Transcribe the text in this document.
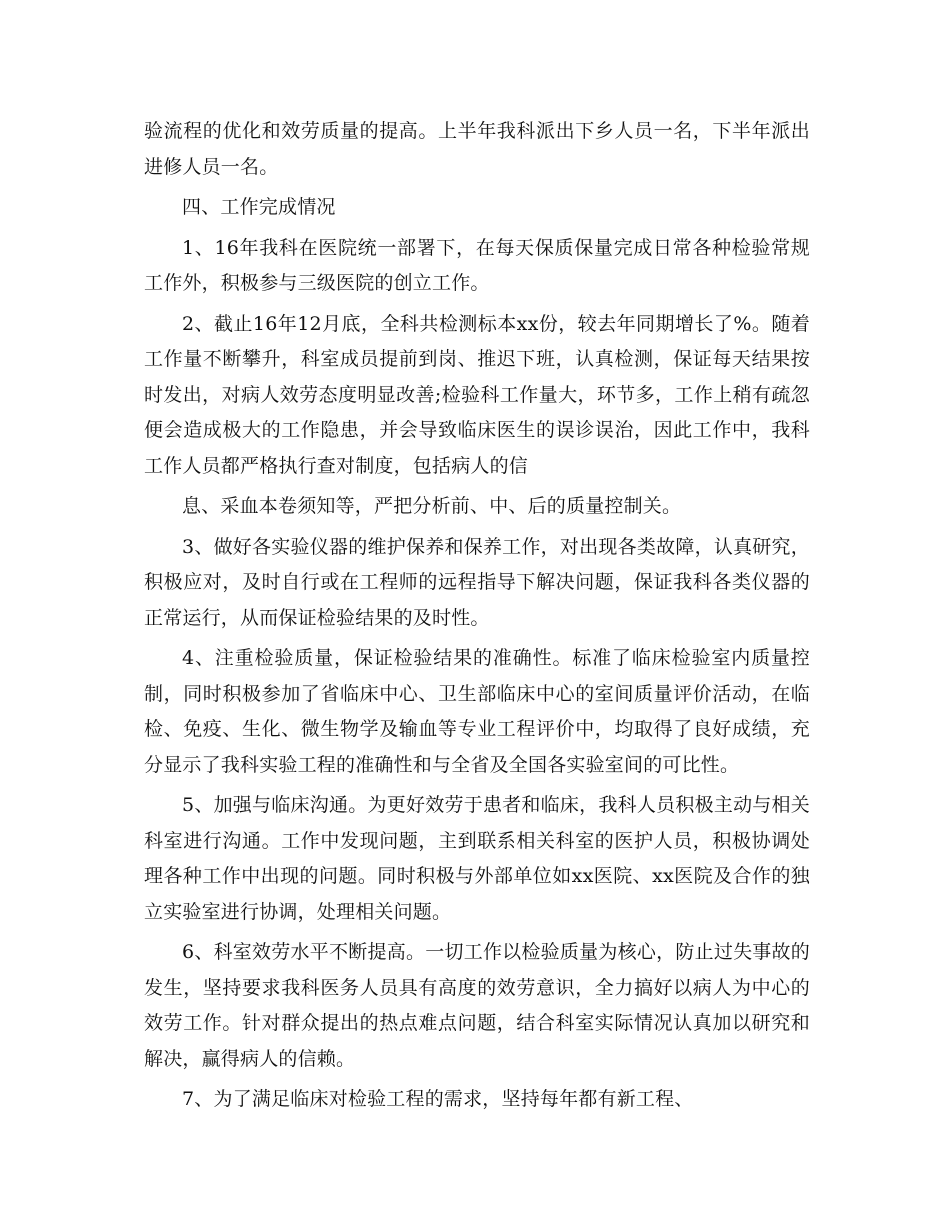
验流程的优化和效劳质量的提高。上半年我科派出下乡人员一名，下半年派出进修人员一名。

四、工作完成情况

1、16年我科在医院统一部署下，在每天保质保量完成日常各种检验常规工作外，积极参与三级医院的创立工作。

2、截止16年12月底，全科共检测标本xx份，较去年同期增长了%。随着工作量不断攀升，科室成员提前到岗、推迟下班，认真检测，保证每天结果按时发出，对病人效劳态度明显改善;检验科工作量大，环节多，工作上稍有疏忽便会造成极大的工作隐患，并会导致临床医生的误诊误治，因此工作中，我科工作人员都严格执行查对制度，包括病人的信

息、采血本卷须知等，严把分析前、中、后的质量控制关。

3、做好各实验仪器的维护保养和保养工作，对出现各类故障，认真研究，积极应对，及时自行或在工程师的远程指导下解决问题，保证我科各类仪器的正常运行，从而保证检验结果的及时性。

4、注重检验质量，保证检验结果的准确性。标准了临床检验室内质量控制，同时积极参加了省临床中心、卫生部临床中心的室间质量评价活动，在临检、免疫、生化、微生物学及输血等专业工程评价中，均取得了良好成绩，充分显示了我科实验工程的准确性和与全省及全国各实验室间的可比性。

5、加强与临床沟通。为更好效劳于患者和临床，我科人员积极主动与相关科室进行沟通。工作中发现问题，主到联系相关科室的医护人员，积极协调处理各种工作中出现的问题。同时积极与外部单位如xx医院、xx医院及合作的独立实验室进行协调，处理相关问题。

6、科室效劳水平不断提高。一切工作以检验质量为核心，防止过失事故的发生，坚持要求我科医务人员具有高度的效劳意识，全力搞好以病人为中心的效劳工作。针对群众提出的热点难点问题，结合科室实际情况认真加以研究和解决，赢得病人的信赖。

7、为了满足临床对检验工程的需求，坚持每年都有新工程、
